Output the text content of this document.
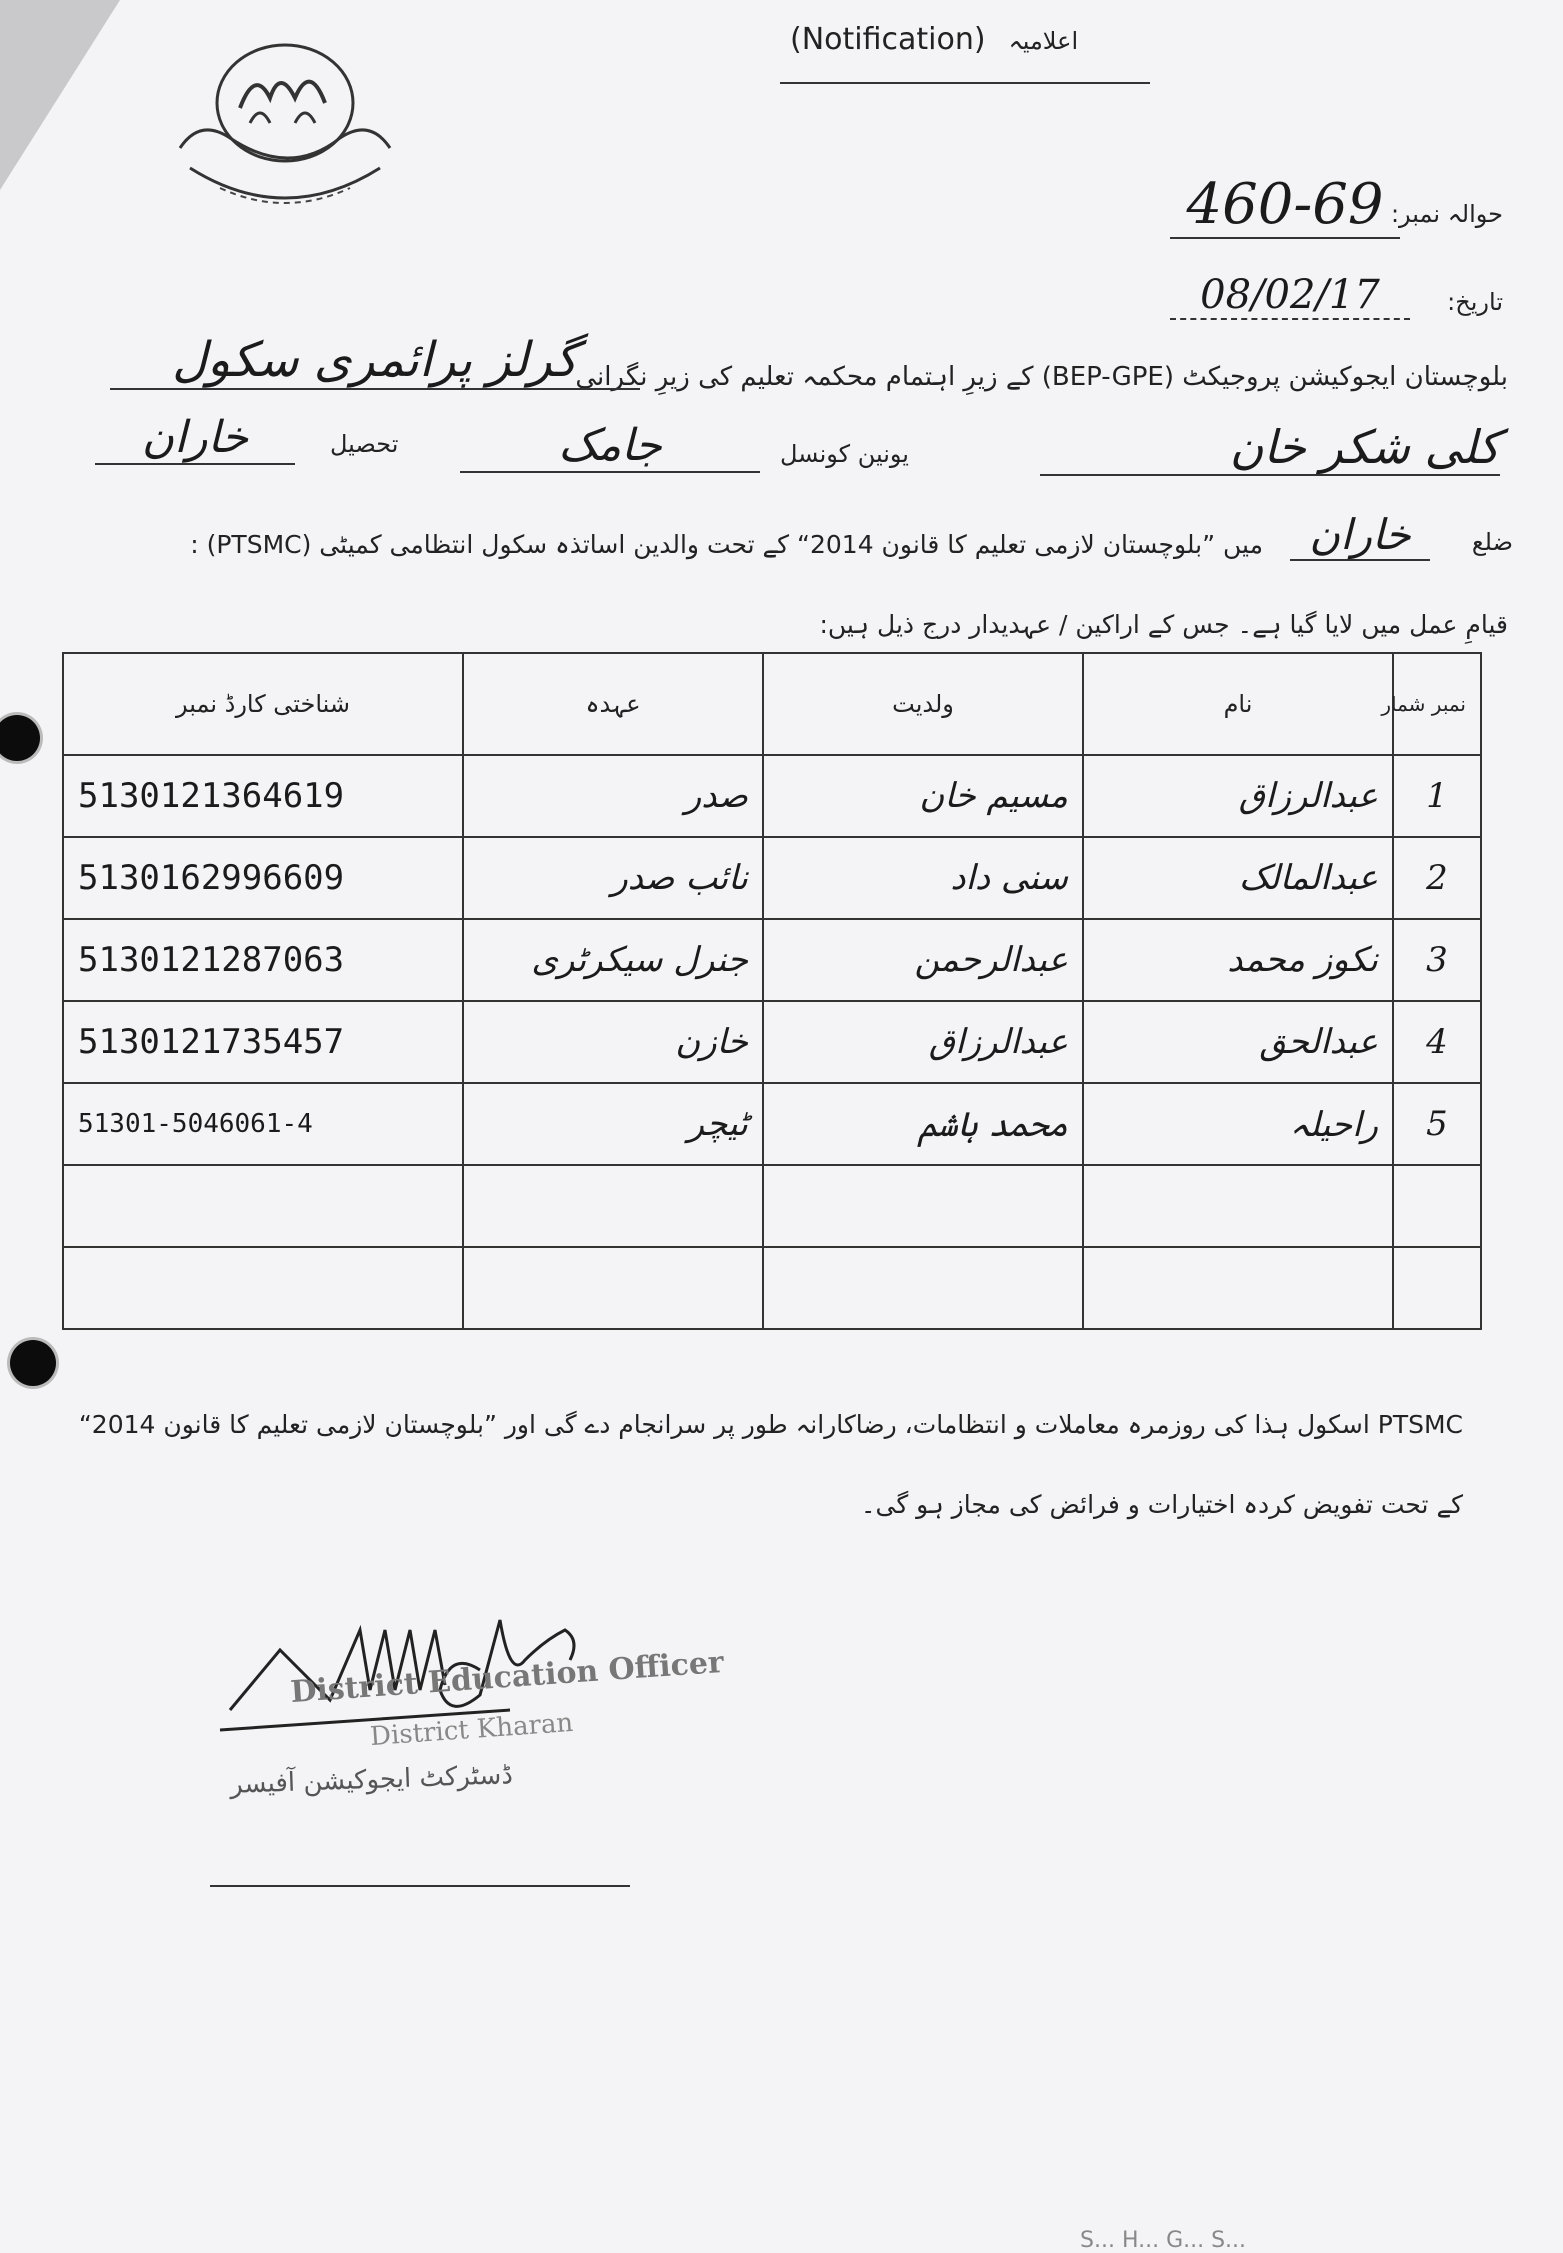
(Notification) اعلامیہ
حوالہ نمبر:
460-69
تاریخ:
08/02/17
بلوچستان ایجوکیشن پروجیکٹ (BEP-GPE) کے زیرِ اہتمام محکمہ تعلیم کی زیرِ نگرانی
گرلز پرائمری سکول
کلی شکر خان
یونین کونسل
جامک
تحصیل
خاران
ضلع
خاران
میں ”بلوچستان لازمی تعلیم کا قانون 2014“ کے تحت والدین اساتذہ سکول انتظامی کمیٹی (PTSMC) :
قیامِ عمل میں لایا گیا ہے۔ جس کے اراکین / عہدیدار درج ذیل ہیں:
شناختی کارڈ نمبر	عہدہ	ولدیت	نام	نمبر شمار
5130121364619	صدر	مسیم خان	عبدالرزاق	1
5130162996609	نائب صدر	سنی داد	عبدالمالک	2
5130121287063	جنرل سیکرٹری	عبدالرحمن	نکوز محمد	3
5130121735457	خازن	عبدالرزاق	عبدالحق	4
51301-5046061-4	ٹیچر	محمد ہاشم	راحیلہ	5

PTSMC اسکول ہذا کی روزمرہ معاملات و انتظامات، رضاکارانہ طور پر سرانجام دے گی اور ”بلوچستان لازمی تعلیم کا قانون 2014“
کے تحت تفویض کردہ اختیارات و فرائض کی مجاز ہو گی۔
District Education Officer
District Kharan
ڈسٹرکٹ ایجوکیشن آفیسر
S... H... G... S...
